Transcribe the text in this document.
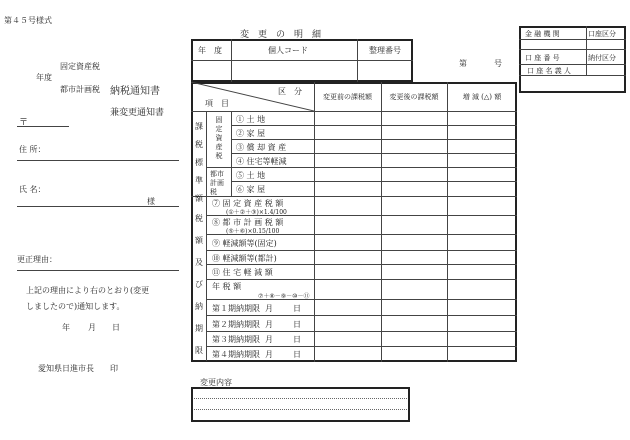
第４５号様式
固定資産税
年度
都市計画税 納税通知書
兼変更通知書
〒
住 所：
氏 名：
様
更正理由：
上記の理由により右のとおり(変更しましたので)通知します。
年 月 日
愛知県日進市長 印
変　更　の　明　細
年　度	個人コード	整理番号
第	号
金 融 機 関	口座区分
口 座 番 号	納付区分
口 座 名 義 人
区　分
項　目
変更前の課税額	変更後の課税額	増 減 (△) 額
課税標準額
固定資産税
都市計画税
① 土 地
② 家 屋
③ 償 却 資 産
④ 住宅等軽減
⑤ 土 地
⑥ 家 屋
税額及び納期限
⑦ 固 定 資 産 税 額
(①＋②＋③)×1.4/100
⑧ 都 市 計 画 税 額
(⑤＋⑥)×0.15/100
⑨ 軽減額等(固定)
⑩ 軽減額等(都計)
⑪ 住 宅 軽 減 額
年 税 額
⑦＋⑧－⑨－⑩－⑪
第１期納期限 月	日
第２期納期限 月	日
第３期納期限 月	日
第４期納期限 月	日
変更内容
